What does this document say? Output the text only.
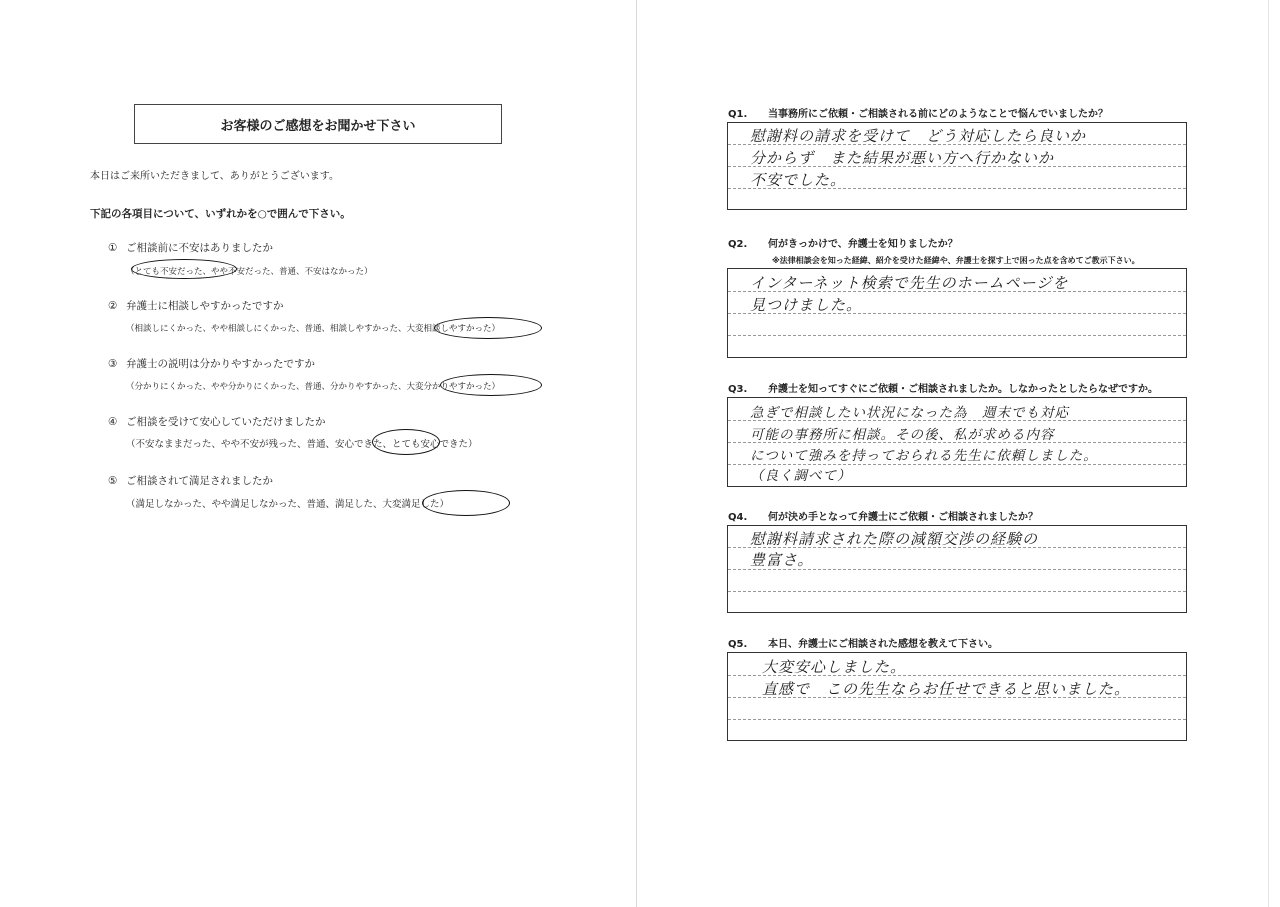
お客様のご感想をお聞かせ下さい
本日はご来所いただきまして、ありがとうございます。
下記の各項目について、いずれかを○で囲んで下さい。
① ご相談前に不安はありましたか
（とても不安だった、やや不安だった、普通、不安はなかった）
② 弁護士に相談しやすかったですか
（相談しにくかった、やや相談しにくかった、普通、相談しやすかった、大変相談しやすかった）
③ 弁護士の説明は分かりやすかったですか
（分かりにくかった、やや分かりにくかった、普通、分かりやすかった、大変分かりやすかった）
④ ご相談を受けて安心していただけましたか
（不安なままだった、やや不安が残った、普通、安心できた、とても安心できた）
⑤ ご相談されて満足されましたか
（満足しなかった、やや満足しなかった、普通、満足した、大変満足した）
Q1. 当事務所にご依頼・ご相談される前にどのようなことで悩んでいましたか？
慰謝料の請求を受けて　どう対応したら良いか
分からず　また結果が悪い方へ行かないか
不安でした。
Q2. 何がきっかけで、弁護士を知りましたか？
※法律相談会を知った経緯、紹介を受けた経緯や、弁護士を探す上で困った点を含めてご教示下さい。
インターネット検索で先生のホームページを
見つけました。
Q3. 弁護士を知ってすぐにご依頼・ご相談されましたか。しなかったとしたらなぜですか。
急ぎで相談したい状況になった為　週末でも対応
可能の事務所に相談。その後、私が求める内容
について強みを持っておられる先生に依頼しました。
（良く調べて）
Q4. 何が決め手となって弁護士にご依頼・ご相談されましたか？
慰謝料請求された際の減額交渉の経験の
豊富さ。
Q5. 本日、弁護士にご相談された感想を教えて下さい。
大変安心しました。
直感で　この先生ならお任せできると思いました。
